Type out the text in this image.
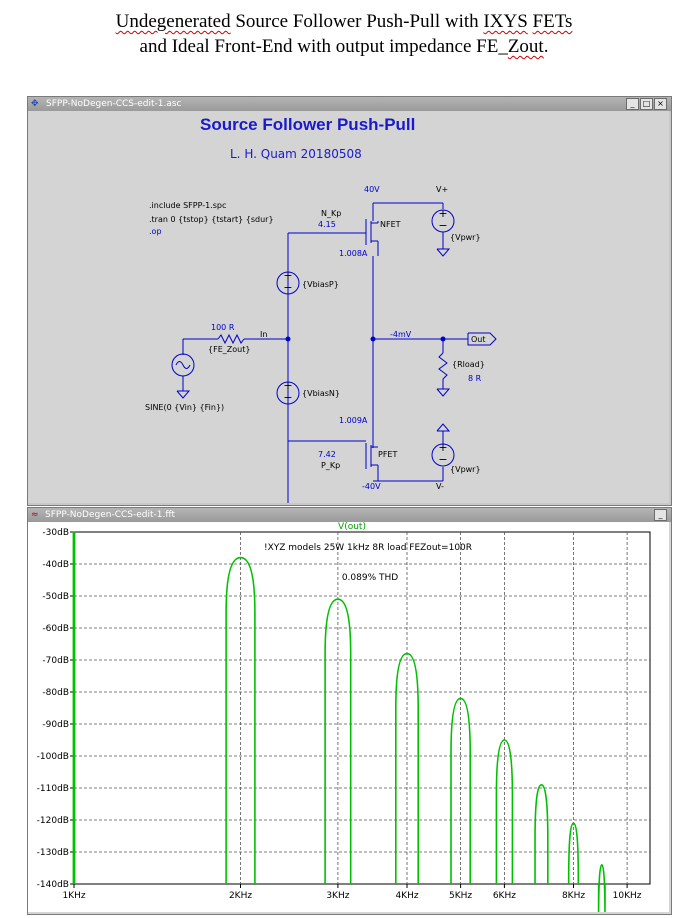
Undegenerated Source Follower Push-Pull with IXYS FETs
and Ideal Front-End with output impedance FE_Zout.
✥ SFPP-NoDegen-CCS-edit-1.asc	_	□ ×
+
−
+
−
+
−
+
−
Source Follower Push-Pull
L. H. Quam 20180508
.include SFPP-1.spc
.tran 0 {tstop} {tstart} {sdur}
.op
40V	V+
N_Kp
4.15	NFET
1.008A
{Vpwr}
{VbiasP}
{VbiasN}
100 R
{FE_Zout}
In
SINE(0 {Vin} {Fin})
-4mV
Out
{Rload}
8 R
1.009A
7.42
P_Kp
PFET
{Vpwr}
-40V	V-
≈ SFPP-NoDegen-CCS-edit-1.fft	_
-30dB
-40dB
-50dB
-60dB
-70dB
-80dB
-90dB
-100dB
-110dB
-120dB
-130dB
-140dB
1KHz	2KHz	3KHz	4KHz	5KHz 6KHz	8KHz	10KHz
V(out)
!XYZ models 25W 1kHz 8R load FEZout=100R
0.089% THD
